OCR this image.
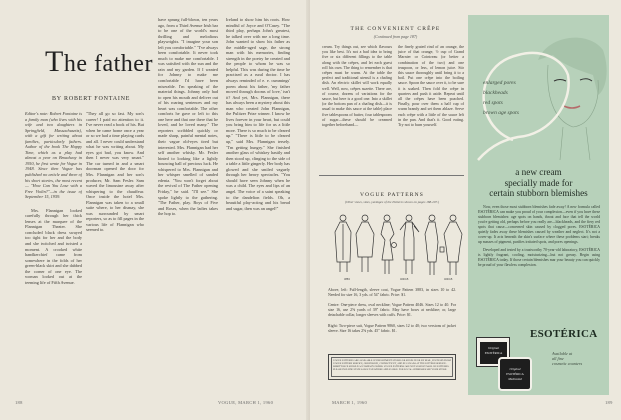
The father
BY ROBERT FONTAINE

Editor's note: Robert Fontaine is a family man (who lives with his wife and two daughters in Springfield, Massachusetts), with a gift for writing about families, particularly fathers. Author of the book The Happy Time, which as a play had almost a year on Broadway in 1950, he first wrote for Vogue in 1948. Since then Vogue has published no article and three of his short stories, the most recent— "How Can You Lose with a Free Violin?"—in the issue of September 15, 1959.

Mrs. Flannigan looked carefully through her thick lenses at the marquee of the Flannigan Theater. She concluded black dress swayed too tight for her and the body and she twitched and twisted a moment. A crooked white handkerchief came from somewhere in the folds of her green-black skirt and she dabbed the corner of one eye. The woman looked out at the teeming life of Fifth Avenue.

"They all go so fast. My son's career! I paid no attention to it. I've never read a book of his. But when he came home once a year or so we had a time playing cards and all. I never could understand what he was writing about. My eyes got bad, you know. And then I never was very smart." The car turned in and a smart doorman opened the door for Mrs. Flannigan and her son's producer, Mr. Sam Fesler. Sam waved the limousine away after whispering to the chauffeur. Once inside the hotel Mrs. Flannigan was taken to a small suite where, to her dismay, she was surrounded by smart reporters, so as to fill pages in the various life of Flannigan who seemed to.

have sprung full-blown, ten years ago, from a Third Avenue Irish bar to be one of the world's most thrilling and melodious playwrights. "I imagine your son left you comfortable." "I've always been comfortable. It never took much to make me comfortable. I was satisfied with the sun and the rain and my garden. If I wanted for Johnny to make me comfortable I'd have been miserable. I'm speaking of the material things. Johnny only had to open his mouth and deliver out of his roaring sentences and my heart was comfortable. The other comforts he gave or left to this one here and that one there that he loved, and he loved many." The reporters scribbled quickly or made sharp, painful mental notes, their vague old-eyes tired but interested. Mrs. Flannigan had her self another whisky. Mr. Fesler hinted to looking like a lightly bouncing ball of precious luck. He whispered to Mrs. Flannigan and her whisper smelled of sanded edenia. "You won't forget about the revival of The Father opening Friday," he said. "I'll see." She spoke lightly to the gathering. "The Father, play. Boys of Five and Roses, when the ladies takes the hop to.

Ireland to show him his roots. How mindful of Joyce and O'Casey. "The third play, perhaps John's greatest, he talked over with me a long time. John wanted to show his father as the middle-aged sage, the strong man with his memories, finding strength in the poetry he created and the people to whom he was so helpful. This was during the time he practised as a rural doctor. I has always reminded of e. e. cummings' poem about his father, 'my father moved through dooms of love,' isn't it? And yet, Mrs. Flannigan, there has always been a mystery about this man who created John Flannigan, the Pulitzer Prize winner. I know he lives forever in your heart, but could you bring him to life for us a little more. There is so much to be cleared up." "There is little to be cleared up," said Mrs. Flannigan tersely. "I'm getting hungry." She finished another glass of whiskey hastily and then stood up, clinging to the side of a table a little gingerly. Her body has glowed and she smiled vaguely through her heavy spectacles. "You should have seen Johnny when he was a child. The eyes and lips of an angel. The voice of a saint speaking to the dandelion fields. Oh, a beautiful play-acting and his bread and sugar, then was an angel!"

188	VOGUE, MARCH 1, 1960
THE CONVENIENT CRÊPE
(Continued from page 187)

cream. Try things out, see which flavours you like best. It's not a bad idea to bring five or six different fillings to the table along with the crêpes, and let each guest roll his own. The thing to remember is that crêpes must be warm. At the table the perfect and traditional utensil is a chafing dish. An electric skillet will work equally well. Well, now, crêpes suzette. There are, of course, dozens of variations for the sauce, but here is a good one. Into a skillet (or the bottom pan of a chafing dish—it is usual to make this sauce at the table) place five tablespoons of butter, four tablespoons of sugar—these should be creamed together beforehand—

the finely grated rind of an orange, the juice of that orange, ½ cup of Grand Marnier or Cointreau (or better a combination of the two) and one teaspoon, or less, of lemon juice. Stir this sauce thoroughly until bring it to a boil. Put one crêpe into the boiling sauce. Spoon the sauce over it, to be sure it is soaked. Then fold the crêpe in quarters and push it aside. Repeat until all the crêpes have been poached. Finally, pour over them a half cup of warm brandy and set them ablaze. Serve each crêpe with a little of the sauce left in the pan. And that's it. Good eating. Try not to burn yourself.

VOGUE PATTERNS
(Other views, sizes, yardages of the Patterns shown on pages 188-207.)
3883	4046-B	4046-B
Above, left: Full-length, sleeve coat, Vogue Pattern 3883, in sizes 10 to 42. Needed for size 16, 3 yds. of 54" fabric. Price: $1.
Centre: One-piece dress, oval neckline; Vogue Pattern 4046. Sizes 12 to 40. For size 16, use 2⅝ yards of 39" fabric. May have bows at neckline; or, large detachable collar, longer sleeves with cuffs. Price: $1.
Right: Two-piece suit, Vogue Pattern 9860, sizes 12 to 40; two versions of jacket sleeve. Size 16 takes 2⅝ yds. 45" fabric. $1.
VOGUE PATTERNS ARE AVAILABLE AT DEPARTMENT STORES OR SHOPS IN OR BY MAIL, POSTPAID FROM VOGUE PATTERN SERVICE, GREENWICH, CONNECTICUT, AND IN CANADA AT THE PATTERN SERVICE. REMITTANCE SHOULD ACCOMPANY ORDER. VOGUE PATTERNS ARE NOT SOLD BY MAIL ON PATTERNS. PLEASE INCLUDE STATE SALES TAX WHERE APPLICABLE. FOR LOCAL ADDRESSES SEE YOUR STORE.
MARCH 1, 1960	189
enlarged pores
blackheads
red spots
brown age spots
a new cream
specially made for
certain stubborn blemishes

Now, even those most stubborn blemishes fade away! A new formula called ESOTÉRICA can make you proud of your complexion—even if you have these stubborn blemishes: age spots on hands, throat and face that tell the world you're getting old, perhaps before you really are—blackheads, and the fiery red spots that cause—concerned skin caused by clogged pores. ESOTÉRICA quietly fades away these blemishes caused by weather and neglect. It's not a cover-up. It acts beneath the skin's surface where these problems start; breaks up masses of pigment, purifies irritated spots, and pores openings.

Developed and tested by a trustworthy 70-year-old laboratory, ESOTÉRICA is lightly fragrant, cooling, moisturizing—but not greasy. Begin using ESOTÉRICA today. If those certain blemishes mar your beauty you can quickly be proud of your flawless complexion.

ESOTÉRICA
Available at
all fine
cosmetic counters
Original
ESOTÉRICA
Original
ESOTÉRICA
Medicated
